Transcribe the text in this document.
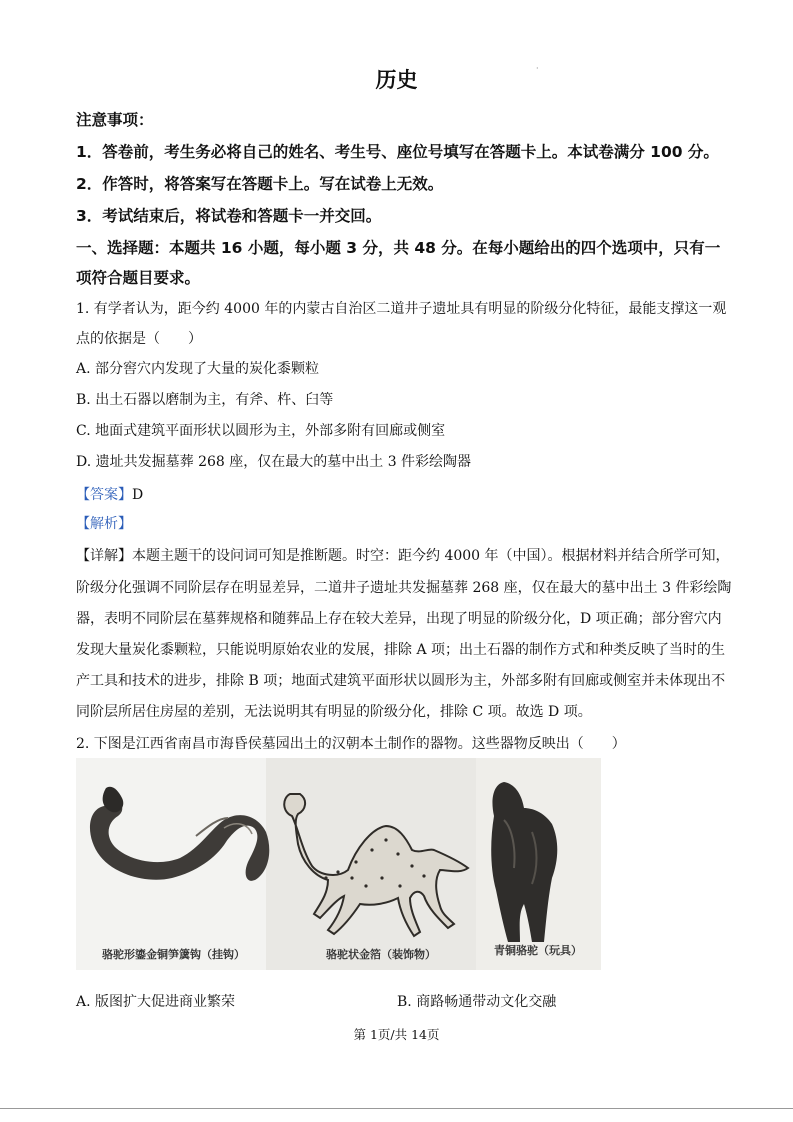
历史	·
注意事项：
1．答卷前，考生务必将自己的姓名、考生号、座位号填写在答题卡上。本试卷满分 100 分。
2．作答时，将答案写在答题卡上。写在试卷上无效。
3．考试结束后，将试卷和答题卡一并交回。
一、选择题：本题共 16 小题，每小题 3 分，共 48 分。在每小题给出的四个选项中，只有一
项符合题目要求。
1. 有学者认为，距今约 4000 年的内蒙古自治区二道井子遗址具有明显的阶级分化特征，最能支撑这一观
点的依据是（　　）
A. 部分窖穴内发现了大量的炭化黍颗粒
B. 出土石器以磨制为主，有斧、杵、臼等
C. 地面式建筑平面形状以圆形为主，外部多附有回廊或侧室
D. 遗址共发掘墓葬 268 座，仅在最大的墓中出土 3 件彩绘陶器
【答案】D
【解析】
【详解】本题主题干的设问词可知是推断题。时空：距今约 4000 年（中国）。根据材料并结合所学可知，
阶级分化强调不同阶层存在明显差异，二道井子遗址共发掘墓葬 268 座，仅在最大的墓中出土 3 件彩绘陶
器，表明不同阶层在墓葬规格和随葬品上存在较大差异，出现了明显的阶级分化，D 项正确；部分窖穴内
发现大量炭化黍颗粒，只能说明原始农业的发展，排除 A 项；出土石器的制作方式和种类反映了当时的生
产工具和技术的进步，排除 B 项；地面式建筑平面形状以圆形为主，外部多附有回廊或侧室并未体现出不
同阶层所居住房屋的差别，无法说明其有明显的阶级分化，排除 C 项。故选 D 项。
2. 下图是江西省南昌市海昏侯墓园出土的汉朝本土制作的器物。这些器物反映出（　　）
骆驼形鎏金铜笋簴钩（挂钩）	骆驼状金箔（装饰物）	青铜骆驼（玩具）
A. 版图扩大促进商业繁荣	B. 商路畅通带动文化交融
第 1页/共 14页
